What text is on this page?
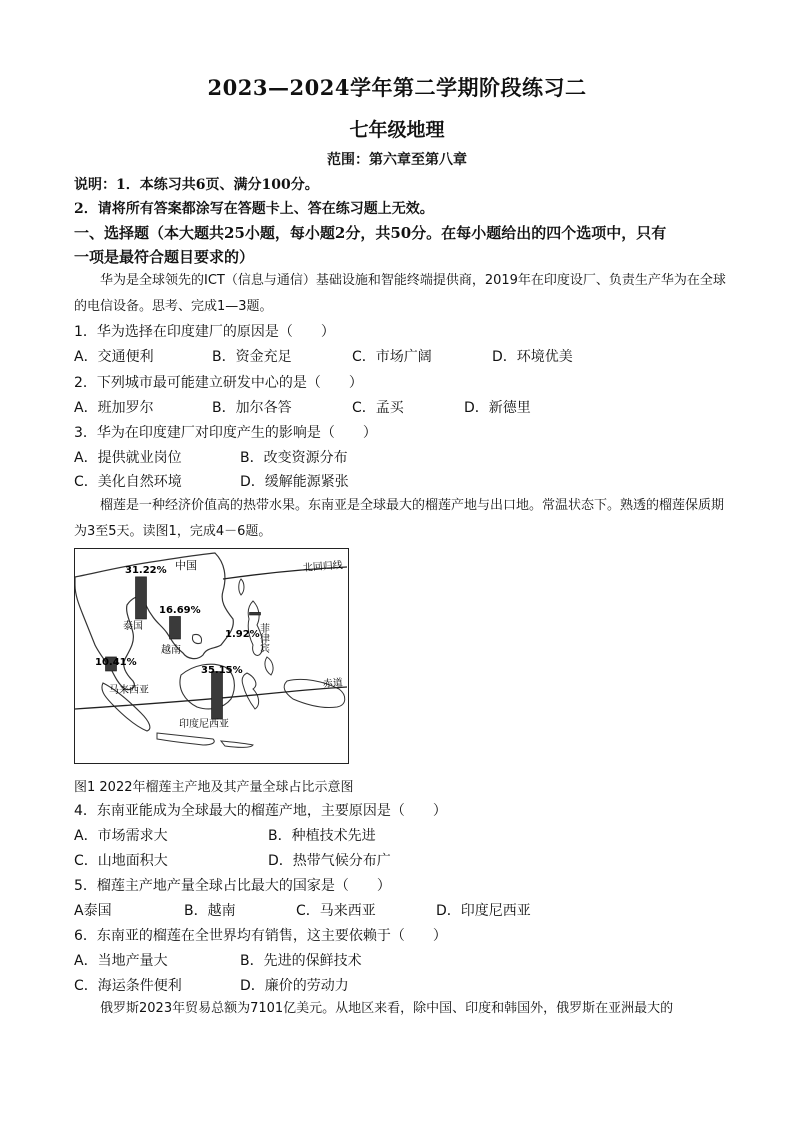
2023—2024学年第二学期阶段练习二
七年级地理
范围：第六章至第八章
说明：1．本练习共6页、满分100分。
2．请将所有答案都涂写在答题卡上、答在练习题上无效。
一、选择题（本大题共25小题，每小题2分，共50分。在每小题给出的四个选项中，只有
一项是最符合题目要求的）
华为是全球领先的ICT（信息与通信）基础设施和智能终端提供商，2019年在印度设厂、负责生产华为在全球的电信设备。思考、完成1—3题。
1．华为选择在印度建厂的原因是（　　）
A．交通便利	B．资金充足	C．市场广阔	D．环境优美
2．下列城市最可能建立研发中心的是（　　）
A．班加罗尔	B．加尔各答	C．孟买	D．新德里
3．华为在印度建厂对印度产生的影响是（　　）
A．提供就业岗位	B．改变资源分布
C．美化自然环境	D．缓解能源紧张
榴莲是一种经济价值高的热带水果。东南亚是全球最大的榴莲产地与出口地。常温状态下。熟透的榴莲保质期为3至5天。读图1，完成4－6题。
31.22%
16.69%
1.92%
10.41%
35.15%
中国	北回归线
赤道
泰国
越南	菲律宾
马来西亚
印度尼西亚
图1 2022年榴莲主产地及其产量全球占比示意图
4．东南亚能成为全球最大的榴莲产地，主要原因是（　　）
A．市场需求大	B．种植技术先进
C．山地面积大	D．热带气候分布广
5．榴莲主产地产量全球占比最大的国家是（　　）
A泰国	B．越南	C．马来西亚	D．印度尼西亚
6．东南亚的榴莲在全世界均有销售，这主要依赖于（　　）
A．当地产量大	B．先进的保鲜技术
C．海运条件便利	D．廉价的劳动力
俄罗斯2023年贸易总额为7101亿美元。从地区来看，除中国、印度和韩国外，俄罗斯在亚洲最大的
